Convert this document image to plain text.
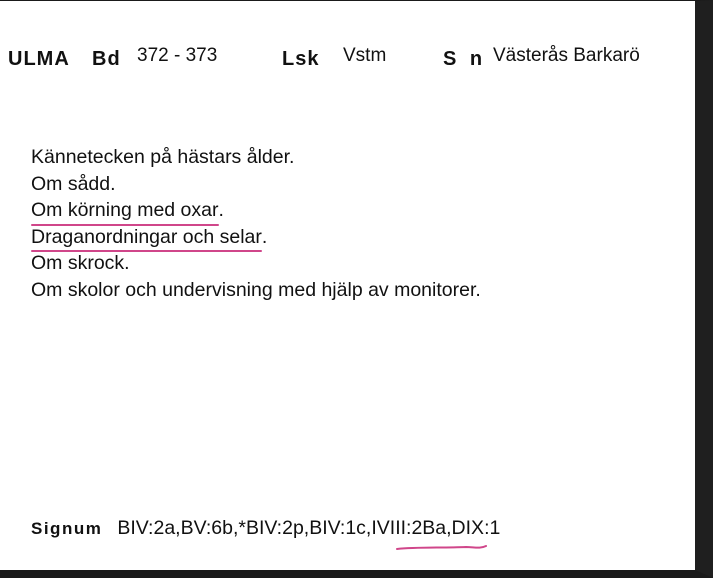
ULMA Bd 372 - 373	Lsk Vstm	S n Västerås Barkarö
Kännetecken på hästars ålder.
Om sådd.
Om körning med oxar.
Draganordningar och selar.
Om skrock.
Om skolor och undervisning med hjälp av monitorer.
Signum BIV:2a,BV:6b,*BIV:2p,BIV:1c,IVIII:2Ba,DIX:1
